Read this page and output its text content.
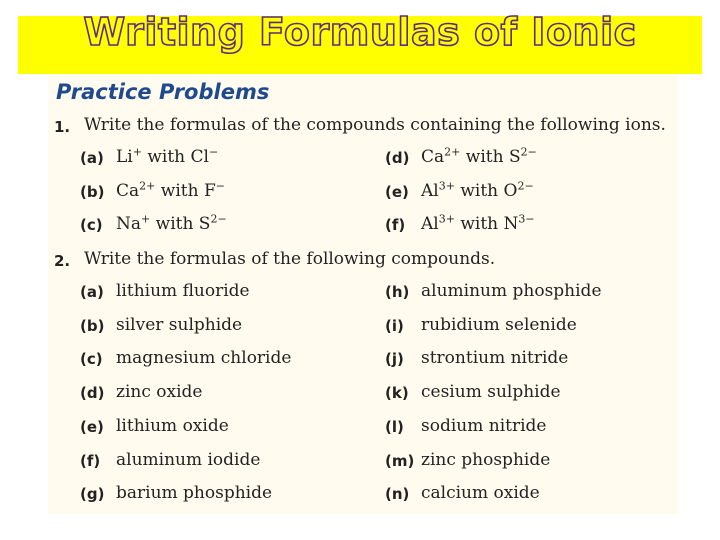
Writing Formulas of Ionic
Practice Problems
1. Write the formulas of the compounds containing the following ions.
(a) Li+ with Cl−
(b) $Ca^{2+}$ with F−
(c) Na+ with $S^{2-}$
(d) $Ca^{2+}$ with $S^{2-}$
(e) $Al^{3+}$ with $O^{2-}$
(f) $Al^{3+}$ with $N^{3-}$
2. Write the formulas of the following compounds.
(a) lithium fluoride
(b) silver sulphide
(c) magnesium chloride
(d) zinc oxide
(e) lithium oxide
(f) aluminum iodide
(g) barium phosphide
(h) aluminum phosphide
(i) rubidium selenide
(j) strontium nitride
(k) cesium sulphide
(l) sodium nitride
(m) zinc phosphide
(n) calcium oxide
